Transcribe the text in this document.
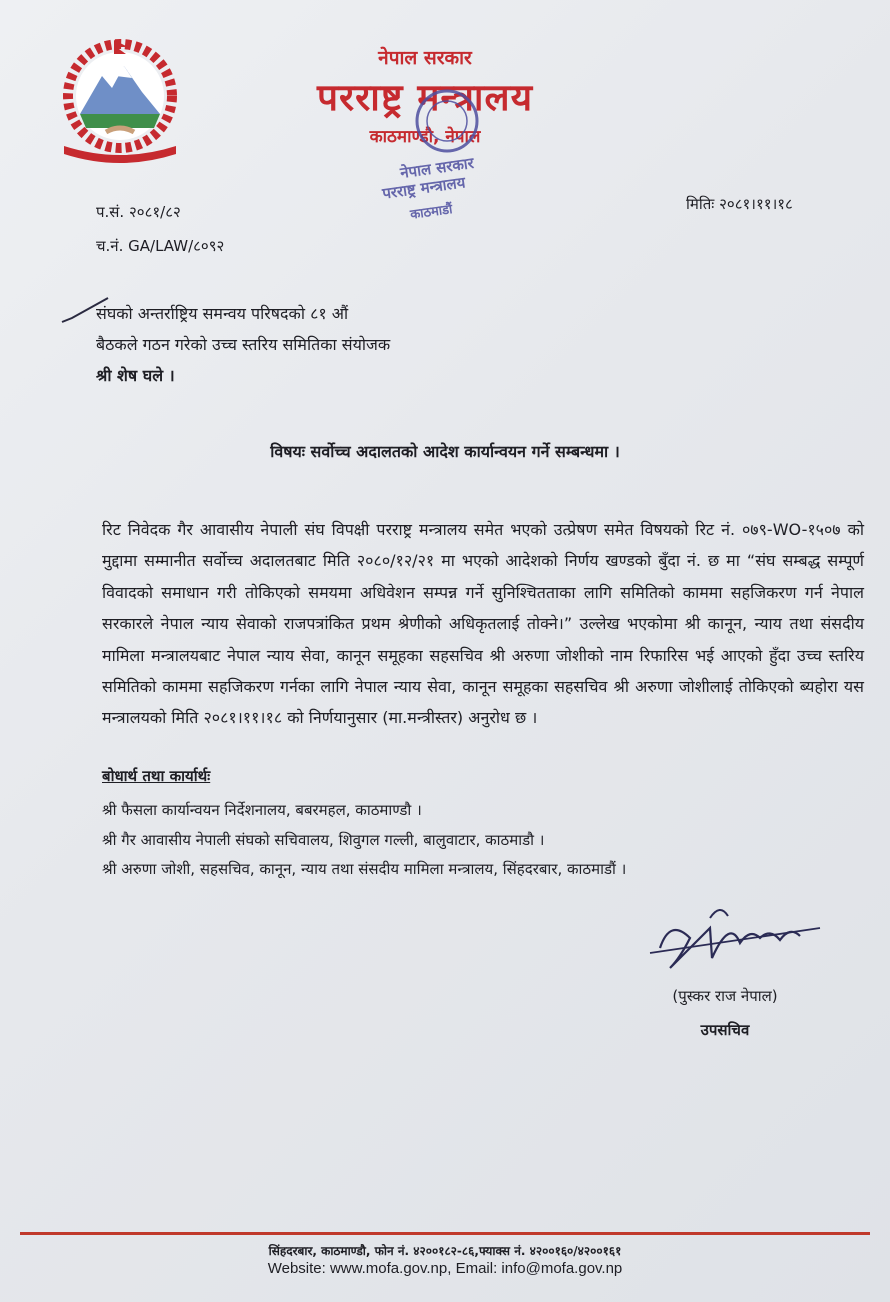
नेपाल सरकार
परराष्ट्र मन्त्रालय
काठमाण्डौ, नेपाल
नेपाल सरकार
परराष्ट्र मन्त्रालय
काठमाडौं
प.सं. २०८१/८२
च.नं. GA/LAW/८०९२
मितिः २०८१।११।१८
संघको अन्तर्राष्ट्रिय समन्वय परिषदको ८१ औं
बैठकले गठन गरेको उच्च स्तरिय समितिका संयोजक
श्री शेष घले ।
विषयः सर्वोच्च अदालतको आदेश कार्यान्वयन गर्ने सम्बन्धमा ।
रिट निवेदक गैर आवासीय नेपाली संघ विपक्षी परराष्ट्र मन्त्रालय समेत भएको उत्प्रेषण समेत विषयको रिट नं. ०७९-WO-१५०७ को मुद्दामा सम्मानीत सर्वोच्च अदालतबाट मिति २०८०/१२/२१ मा भएको आदेशको निर्णय खण्डको बुँदा नं. छ मा “संघ सम्बद्ध सम्पूर्ण विवादको समाधान गरी तोकिएको समयमा अधिवेशन सम्पन्न गर्ने सुनिश्चितताका लागि समितिको काममा सहजिकरण गर्न नेपाल सरकारले नेपाल न्याय सेवाको राजपत्रांकित प्रथम श्रेणीको अधिकृतलाई तोक्ने।” उल्लेख भएकोमा श्री कानून, न्याय तथा संसदीय मामिला मन्त्रालयबाट नेपाल न्याय सेवा, कानून समूहका सहसचिव श्री अरुणा जोशीको नाम रिफारिस भई आएको हुँदा उच्च स्तरिय समितिको काममा सहजिकरण गर्नका लागि नेपाल न्याय सेवा, कानून समूहका सहसचिव श्री अरुणा जोशीलाई तोकिएको ब्यहोरा यस मन्त्रालयको मिति २०८१।११।१८ को निर्णयानुसार (मा.मन्त्रीस्तर) अनुरोध छ ।
बोधार्थ तथा कार्यार्थः
श्री फैसला कार्यान्वयन निर्देशनालय, बबरमहल, काठमाण्डौ ।
श्री गैर आवासीय नेपाली संघको सचिवालय, शिवुगल गल्ली, बालुवाटार, काठमाडौ ।
श्री अरुणा जोशी, सहसचिव, कानून, न्याय तथा संसदीय मामिला मन्त्रालय, सिंहदरबार, काठमाडौं ।
(पुस्कर राज नेपाल)
उपसचिव
सिंहदरबार, काठमाण्डौ, फोन नं. ४२००१८२-८६,फ्याक्स नं. ४२००१६०/४२००१६१
Website: www.mofa.gov.np, Email: info@mofa.gov.np
